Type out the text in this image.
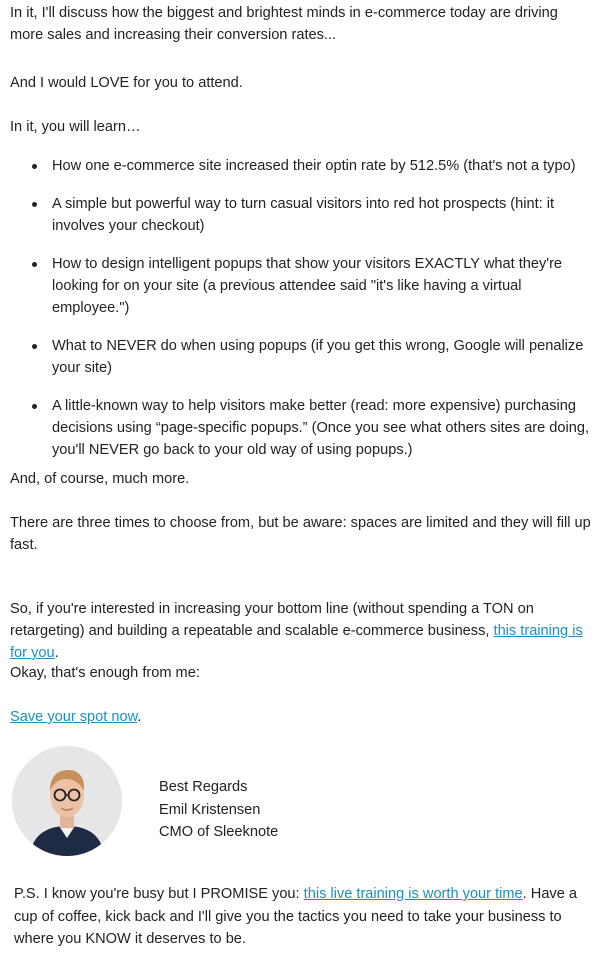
In it, I'll discuss how the biggest and brightest minds in e-commerce today are driving more sales and increasing their conversion rates...

And I would LOVE for you to attend.

In it, you will learn…

How one e-commerce site increased their optin rate by 512.5% (that's not a typo)
A simple but powerful way to turn casual visitors into red hot prospects (hint: it involves your checkout)
How to design intelligent popups that show your visitors EXACTLY what they're looking for on your site (a previous attendee said "it's like having a virtual employee.")
What to NEVER do when using popups (if you get this wrong, Google will penalize your site)
A little-known way to help visitors make better (read: more expensive) purchasing decisions using “page-specific popups.” (Once you see what others sites are doing, you'll NEVER go back to your old way of using popups.)

And, of course, much more.

There are three times to choose from, but be aware: spaces are limited and they will fill up fast.

So, if you're interested in increasing your bottom line (without spending a TON on retargeting) and building a repeatable and scalable e-commerce business, this training is for you.

Okay, that's enough from me:

Save your spot now.

Best Regards
Emil Kristensen
CMO of Sleeknote

P.S. I know you're busy but I PROMISE you: this live training is worth your time. Have a cup of coffee, kick back and I'll give you the tactics you need to take your business to where you KNOW it deserves to be.
